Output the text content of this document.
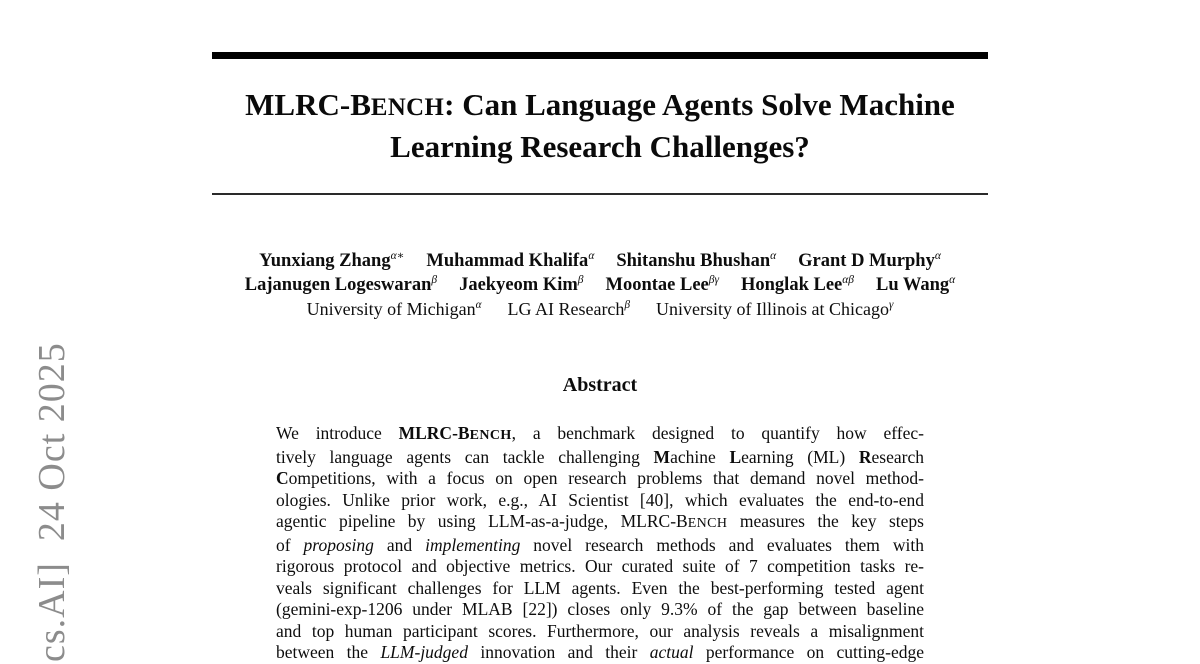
cs.AI]  24 Oct 2025
MLRC-BENCH: Can Language Agents Solve Machine
Learning Research Challenges?
Yunxiang Zhang$^{\alpha∗}$ Muhammad Khalifa$^\alpha$ Shitanshu Bhushan$^\alpha$ Grant D Murphy$^\alpha$
Lajanugen Logeswaran$^\beta$ Jaekyeom Kim$^\beta$ Moontae Lee$^{\beta\gamma}$ Honglak Lee$^{\alpha\beta}$ Lu Wang$^\alpha$
University of Michigan$^\alpha$ LG AI Research$^\beta$ University of Illinois at Chicago$^\gamma$
Abstract
We introduce MLRC-BENCH, a benchmark designed to quantify how effec-
tively language agents can tackle challenging Machine Learning (ML) Research
Competitions, with a focus on open research problems that demand novel method-
ologies. Unlike prior work, e.g., AI Scientist [40], which evaluates the end-to-end
agentic pipeline by using LLM-as-a-judge, MLRC-BENCH measures the key steps
of proposing and implementing novel research methods and evaluates them with
rigorous protocol and objective metrics. Our curated suite of 7 competition tasks re-
veals significant challenges for LLM agents. Even the best-performing tested agent
(gemini-exp-1206 under MLAB [22]) closes only 9.3% of the gap between baseline
and top human participant scores. Furthermore, our analysis reveals a misalignment
between the LLM-judged innovation and their actual performance on cutting-edge
